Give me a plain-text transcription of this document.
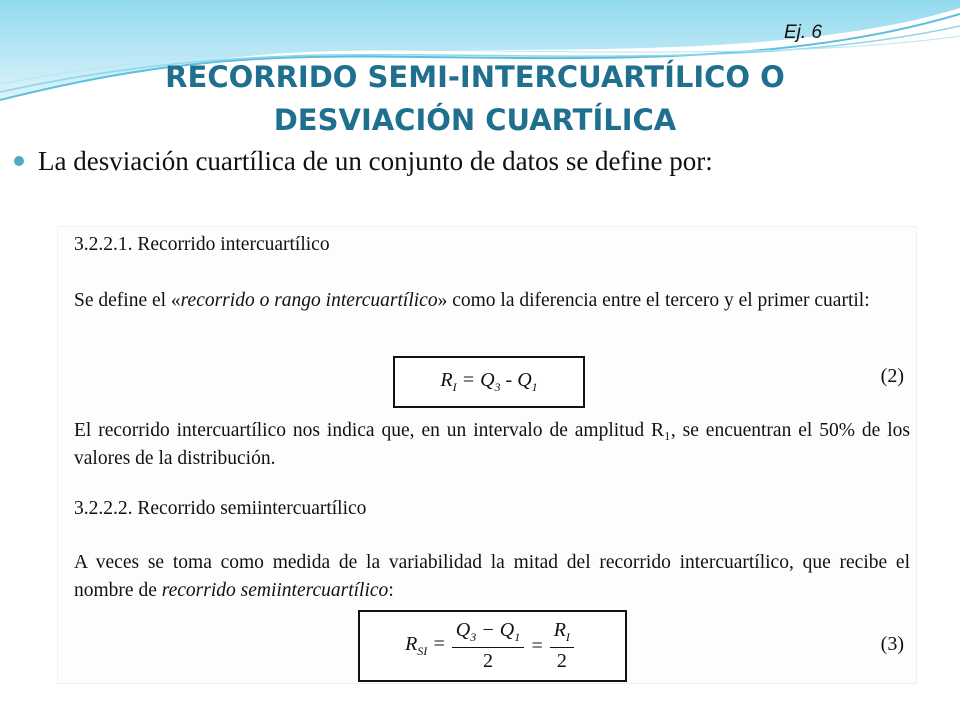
Ej. 6
RECORRIDO SEMI-INTERCUARTÍLICO O
DESVIACIÓN CUARTÍLICA
La desviación cuartílica de un conjunto de datos se define por:
3.2.2.1. Recorrido intercuartílico
Se define el «recorrido o rango intercuartílico» como la diferencia entre el tercero y el primer cuartil:
$R_I = Q_3 - Q_1$	(2)
El recorrido intercuartílico nos indica que, en un intervalo de amplitud R₁, se encuentran el 50% de los valores de la distribución.
3.2.2.2. Recorrido semiintercuartílico
A veces se toma como medida de la variabilidad la mitad del recorrido intercuartílico, que recibe el nombre de recorrido semiintercuartílico:
$R_{SI} = \frac{Q_3 - Q_1}{2} = \frac{R_I}{2}$	(3)
